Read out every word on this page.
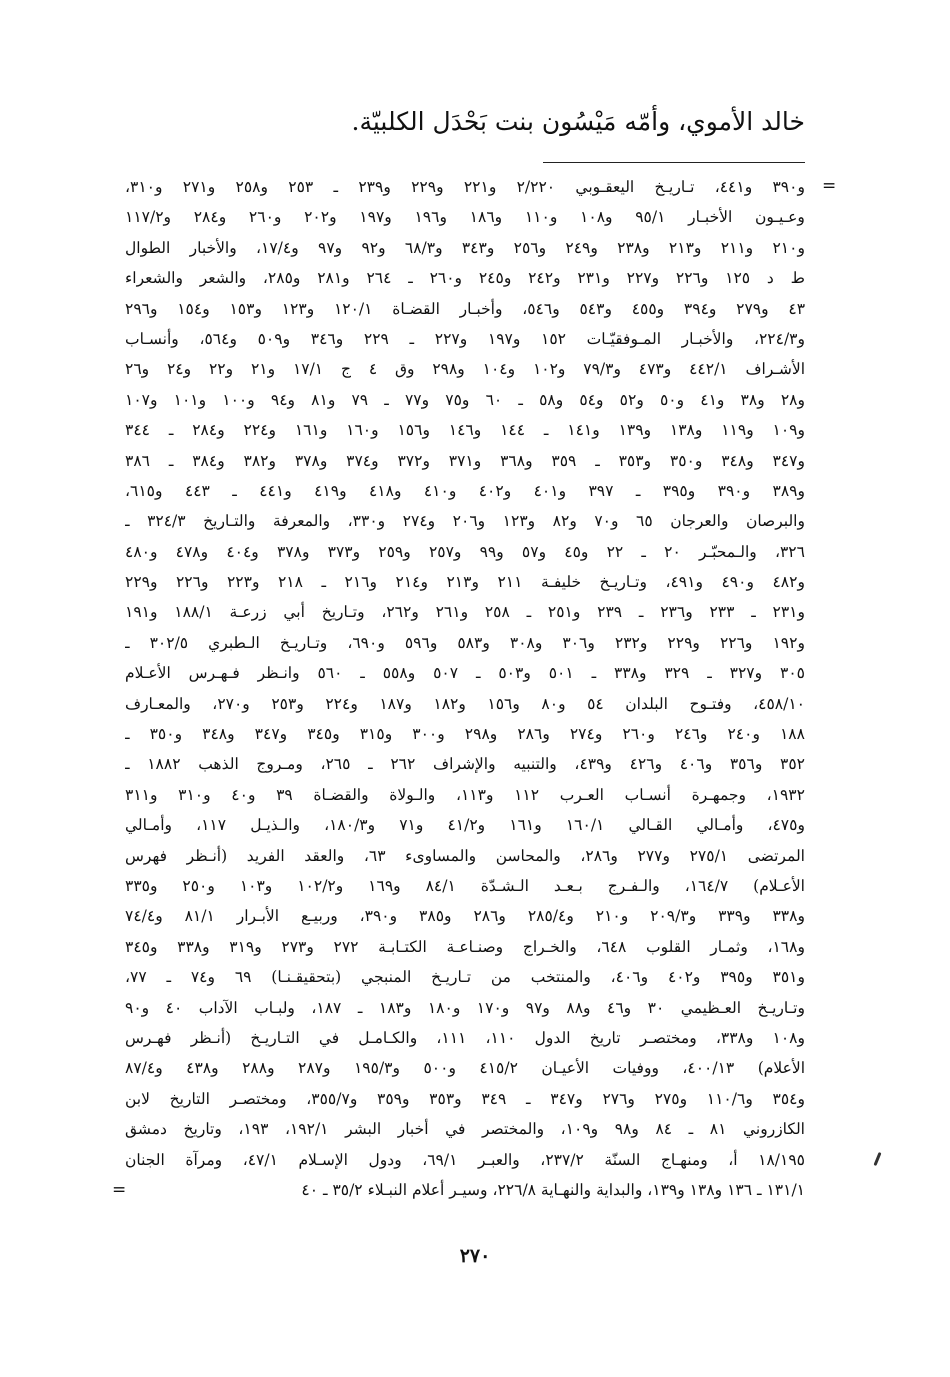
خالد الأموي، وأمّه مَيْسُون بنت بَحْدَل الكلبيّة.
=
و٣٩٠ و٤٤١، تـاريـخ اليعقـوبي ٢/٢٢٠ و٢٢١ و٢٢٩ و٢٣٩ ـ ٢٥٣ و٢٥٨ و٢٧١ و٣١٠،
وعـيـون الأخبـار ٩٥/١ و١٠٨ و١١٠ و١٨٦ و١٩٦ و١٩٧ و٢٠٢ و٢٦٠ و٢٨٤ و١١٧/٢
و٢١٠ و٢١١ و٢١٣ و٢٣٨ و٢٤٩ و٢٥٦ و٣٤٣ و٦٨/٣ و٩٢ و٩٧ و١٧/٤، والأخبار الطوال
ط د ١٢٥ و٢٢٦ و٢٢٧ و٢٣١ و٢٤٢ و٢٤٥ و٢٦٠ ـ ٢٦٤ و٢٨١ و٢٨٥، والشعر والشعراء
٤٣ و٢٧٩ و٣٩٤ و٤٥٥ و٥٤٣ و٥٤٦، وأخبـار القضـاة ١٢٠/١ و١٢٣ و١٥٣ و١٥٤ و٢٩٦
و٢٢٤/٣، والأخبـار المـوفقيّـات ١٥٢ و١٩٧ و٢٢٧ ـ ٢٢٩ و٣٤٦ و٥٠٩ و٥٦٤، وأنسـاب
الأشـراف ٤٤٢/١ و٤٧٣ و٧٩/٣ و١٠٢ و١٠٤ و٢٩٨ وق ٤ ج ١٧/١ و٢١ و٢٢ و٢٤ و٢٦
و٢٨ و٣٨ و٤١ و٥٠ و٥٢ و٥٤ و٥٨ ـ ٦٠ و٧٥ و٧٧ ـ ٧٩ و٨١ و٩٤ و١٠٠ و١٠١ و١٠٧
و١٠٩ و١١٩ و١٣٨ و١٣٩ و١٤١ ـ ١٤٤ و١٤٦ و١٥٦ و١٦٠ و١٦١ و٢٢٤ و٢٨٤ ـ ٣٤٤
و٣٤٧ و٣٤٨ و٣٥٠ و٣٥٣ ـ ٣٥٩ و٣٦٨ و٣٧١ و٣٧٢ و٣٧٤ و٣٧٨ و٣٨٢ و٣٨٤ ـ ٣٨٦
و٣٨٩ و٣٩٠ و٣٩٥ ـ ٣٩٧ و٤٠١ و٤٠٢ و٤١٠ و٤١٨ و٤١٩ و٤٤١ ـ ٤٤٣ و٦١٥،
والبرصان والعرجان ٦٥ و٧٠ و٨٢ و١٢٣ و٢٠٦ و٢٧٤ و٣٣٠، والمعرفة والتـاريخ ٣٢٤/٣ ـ
٣٢٦، والـمحبّـر ٢٠ ـ ٢٢ و٤٥ و٥٧ و٩٩ و٢٥٧ و٢٥٩ و٣٧٣ و٣٧٨ و٤٠٤ و٤٧٨ و٤٨٠
و٤٨٢ و٤٩٠ و٤٩١، وتـاريـخ خليفـة ٢١١ و٢١٣ و٢١٤ و٢١٦ ـ ٢١٨ و٢٢٣ و٢٢٦ و٢٢٩
و٢٣١ ـ ٢٣٣ و٢٣٦ ـ ٢٣٩ و٢٥١ ـ ٢٥٨ و٢٦١ و٢٦٢، وتـاريخ أبي زرعـة ١٨٨/١ و١٩١
و١٩٢ و٢٢٦ و٢٢٩ و٢٣٢ و٣٠٦ و٣٠٨ و٥٨٣ و٥٩٦ و٦٩٠، وتـاريـخ الـطبري ٣٠٢/٥ ـ
٣٠٥ و٣٢٧ ـ ٣٢٩ و٣٣٨ ـ ٥٠١ و٥٠٣ ـ ٥٠٧ و٥٥٨ ـ ٥٦٠ وانـظر فـهـرس الأعـلام
٤٥٨/١٠، وفتـوح البلدان ٥٤ و٨٠ و١٥٦ و١٨٢ و١٨٧ و٢٢٤ و٢٥٣ و٢٧٠، والمعـارف
١٨٨ و٢٤٠ و٢٤٦ و٢٦٠ و٢٧٤ و٢٨٦ و٢٩٨ و٣٠٠ و٣١٥ و٣٤٥ و٣٤٧ و٣٤٨ و٣٥٠ ـ
٣٥٢ و٣٥٦ و٤٠٦ و٤٢٦ و٤٣٩، والتنبيه والإشراف ٢٦٢ ـ ٢٦٥، ومـروج الذهب ١٨٨٢ ـ
١٩٣٢، وجمهـرة أنسـاب العـرب ١١٢ و١١٣، والـولاة والقضـاة ٣٩ و٤٠ و٣١٠ و٣١١
و٤٧٥، وأمـالي القـالي ١٦٠/١ و١٦١ و٤١/٢ و٧١ و١٨٠/٣، والـذيـل ١١٧، وأمـالي
المرتضى ٢٧٥/١ و٢٧٧ و٢٨٦، والمحاسن والمساوىء ٦٣، والعقد الفريد (أنـظر فهرس
الأعـلام) ١٦٤/٧، والـفـرج بـعـد الـشـدّة ٨٤/١ و١٦٩ و١٠٢/٢ و١٠٣ و٢٥٠ و٣٣٥
و٣٣٨ و٣٣٩ و٢٠٩/٣ و٢١٠ و٢٨٥/٤ و٢٨٦ و٣٨٥ و٣٩٠، وربيـع الأبـرار ٨١/١ و٧٤/٤
و١٦٨، وثمـار القلوب ٦٤٨، والخـراج وصنـاعـة الكتـابـة ٢٧٢ و٢٧٣ و٣١٩ و٣٣٨ و٣٤٥
و٣٥١ و٣٩٥ و٤٠٢ و٤٠٦، والمنتخب من تـاريـخ المنبجي (بتحقيقـنـا) ٦٩ و٧٤ ـ ٧٧،
وتـاريـخ العـظيمي ٣٠ و٤٦ و٨٨ و٩٧ و١٧٠ و١٨٠ و١٨٣ ـ ١٨٧، ولبـاب الآداب ٤٠ و٩٠
و١٠٨ و٣٣٨، ومختصـر تاريخ الدول ١١٠، ١١١، والكـامـل في التـاريـخ (أنـظر فهـرس
الأعلام) ٤٠٠/١٣، ووفيات الأعيـان ٤١٥/٢ و٥٠٠ و١٩٥/٣ و٢٨٧ و٢٨٨ و٤٣٨ و٨٧/٤
و٣٥٤ و١١٠/٦ و٢٧٥ و٢٧٦ و٣٤٧ ـ ٣٤٩ و٣٥٣ و٣٥٩ و٣٥٥/٧، ومختصـر التاريخ لابن
الكازروني ٨١ ـ ٨٤ و٩٨ و١٠٩، والمختصر في أخبار البشر ١٩٢/١، ١٩٣، وتاريخ دمشق
١٨/١٩٥ أ، ومنهـاج السنّة ٢٣٧/٢، والعبـر ٦٩/١، ودول الإسـلام ٤٧/١، ومرآة الجنان
١٣١/١ ـ ١٣٦ و١٣٨ و١٣٩، والبداية والنهـاية ٢٢٦/٨، وسيـر أعلام النبـلاء ٣٥/٢ ـ ٤٠
=
٢٧٠
